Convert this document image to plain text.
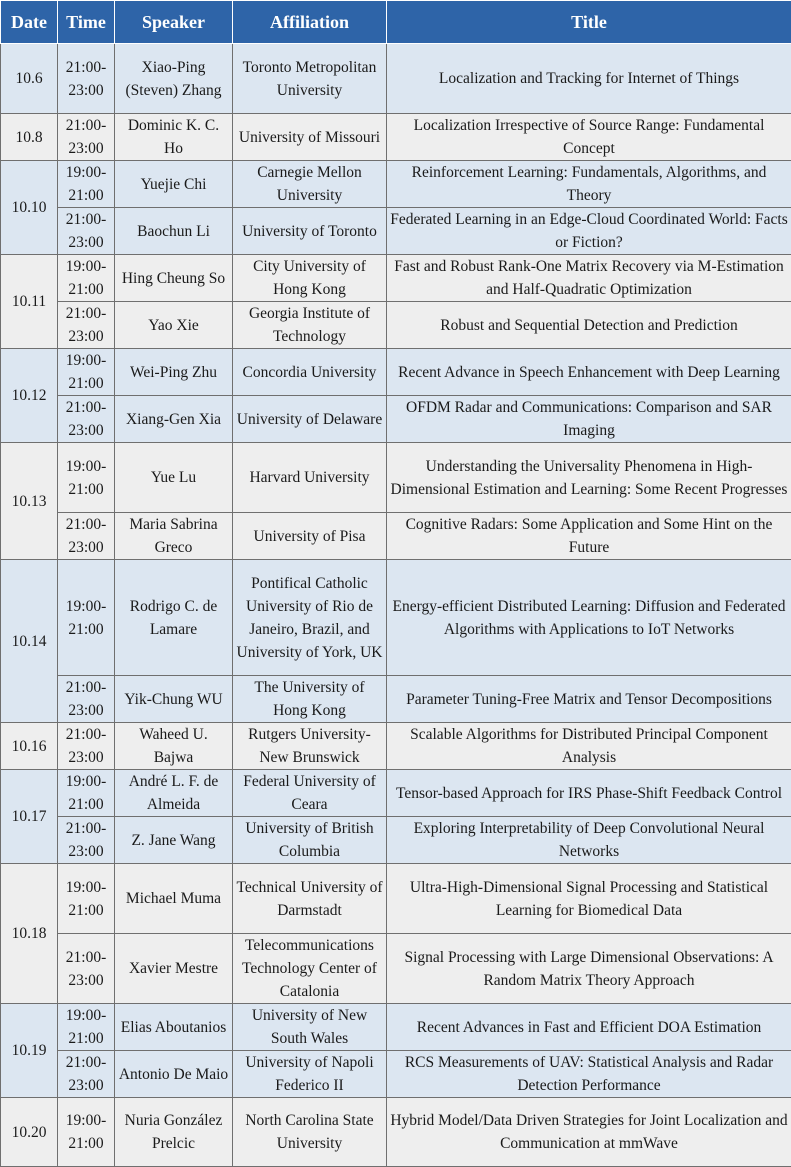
Date	Time	Speaker	Affiliation	Title
10.6	21:00-23:00	Xiao-Ping (Steven) Zhang	Toronto Metropolitan University	Localization and Tracking for Internet of Things
10.8	21:00-23:00	Dominic K. C. Ho	University of Missouri	Localization Irrespective of Source Range: Fundamental Concept
10.10	19:00-21:00	Yuejie Chi	Carnegie Mellon University	Reinforcement Learning: Fundamentals, Algorithms, and Theory
	21:00-23:00	Baochun Li	University of Toronto	Federated Learning in an Edge-Cloud Coordinated World: Facts or Fiction?
10.11	19:00-21:00	Hing Cheung So	City University of Hong Kong	Fast and Robust Rank-One Matrix Recovery via M-Estimation and Half-Quadratic Optimization
	21:00-23:00	Yao Xie	Georgia Institute of Technology	Robust and Sequential Detection and Prediction
10.12	19:00-21:00	Wei-Ping Zhu	Concordia University	Recent Advance in Speech Enhancement with Deep Learning
	21:00-23:00	Xiang-Gen Xia	University of Delaware	OFDM Radar and Communications: Comparison and SAR Imaging
10.13	19:00-21:00	Yue Lu	Harvard University	Understanding the Universality Phenomena in High-Dimensional Estimation and Learning: Some Recent Progresses
	21:00-23:00	Maria Sabrina Greco	University of Pisa	Cognitive Radars: Some Application and Some Hint on the Future
10.14	19:00-21:00	Rodrigo C. de Lamare	Pontifical Catholic University of Rio de Janeiro, Brazil, and University of York, UK	Energy-efficient Distributed Learning: Diffusion and Federated Algorithms with Applications to IoT Networks
	21:00-23:00	Yik-Chung WU	The University of Hong Kong	Parameter Tuning-Free Matrix and Tensor Decompositions
10.16	21:00-23:00	Waheed U. Bajwa	Rutgers University-New Brunswick	Scalable Algorithms for Distributed Principal Component Analysis
10.17	19:00-21:00	André L. F. de Almeida	Federal University of Ceara	Tensor-based Approach for IRS Phase-Shift Feedback Control
	21:00-23:00	Z. Jane Wang	University of British Columbia	Exploring Interpretability of Deep Convolutional Neural Networks
10.18	19:00-21:00	Michael Muma	Technical University of Darmstadt	Ultra-High-Dimensional Signal Processing and Statistical Learning for Biomedical Data
	21:00-23:00	Xavier Mestre	Telecommunications Technology Center of Catalonia	Signal Processing with Large Dimensional Observations: A Random Matrix Theory Approach
10.19	19:00-21:00	Elias Aboutanios	University of New South Wales	Recent Advances in Fast and Efficient DOA Estimation
	21:00-23:00	Antonio De Maio	University of Napoli Federico II	RCS Measurements of UAV: Statistical Analysis and Radar Detection Performance
10.20	19:00-21:00	Nuria González Prelcic	North Carolina State University	Hybrid Model/Data Driven Strategies for Joint Localization and Communication at mmWave
